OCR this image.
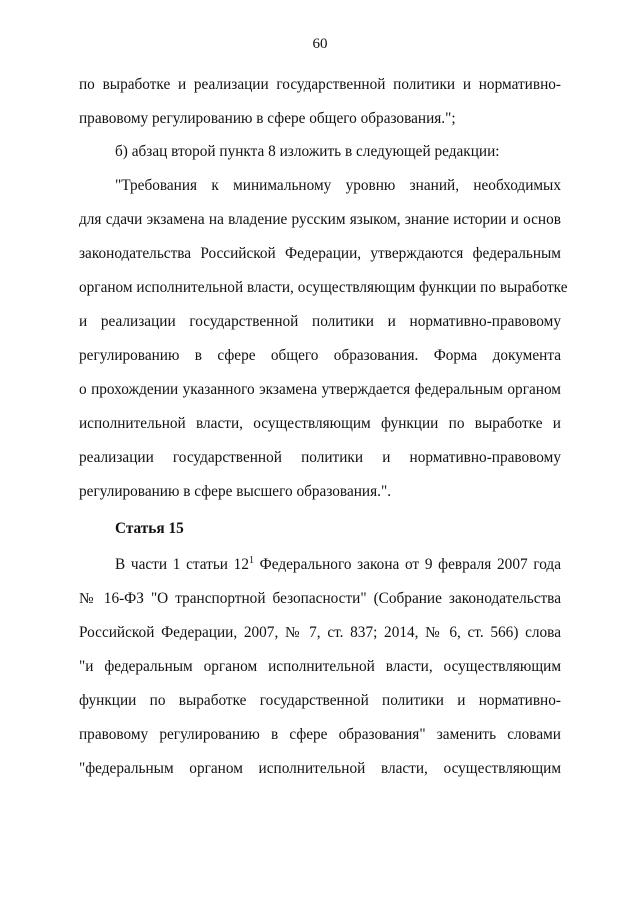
60
по выработке и реализации государственной политики и нормативно-
правовому регулированию в сфере общего образования.";
б) абзац второй пункта 8 изложить в следующей редакции:
"Требования к минимальному уровню знаний, необходимых
для сдачи экзамена на владение русским языком, знание истории и основ
законодательства Российской Федерации, утверждаются федеральным
органом исполнительной власти, осуществляющим функции по выработке
и реализации государственной политики и нормативно-правовому
регулированию в сфере общего образования. Форма документа
о прохождении указанного экзамена утверждается федеральным органом
исполнительной власти, осуществляющим функции по выработке и
реализации государственной политики и нормативно-правовому
регулированию в сфере высшего образования.".
Статья 15
В части 1 статьи $12^1$ Федерального закона от 9 февраля 2007 года
№ 16-ФЗ "О транспортной безопасности" (Собрание законодательства
Российской Федерации, 2007, № 7, ст. 837; 2014, № 6, ст. 566) слова
"и федеральным органом исполнительной власти, осуществляющим
функции по выработке государственной политики и нормативно-
правовому регулированию в сфере образования" заменить словами
"федеральным органом исполнительной власти, осуществляющим
